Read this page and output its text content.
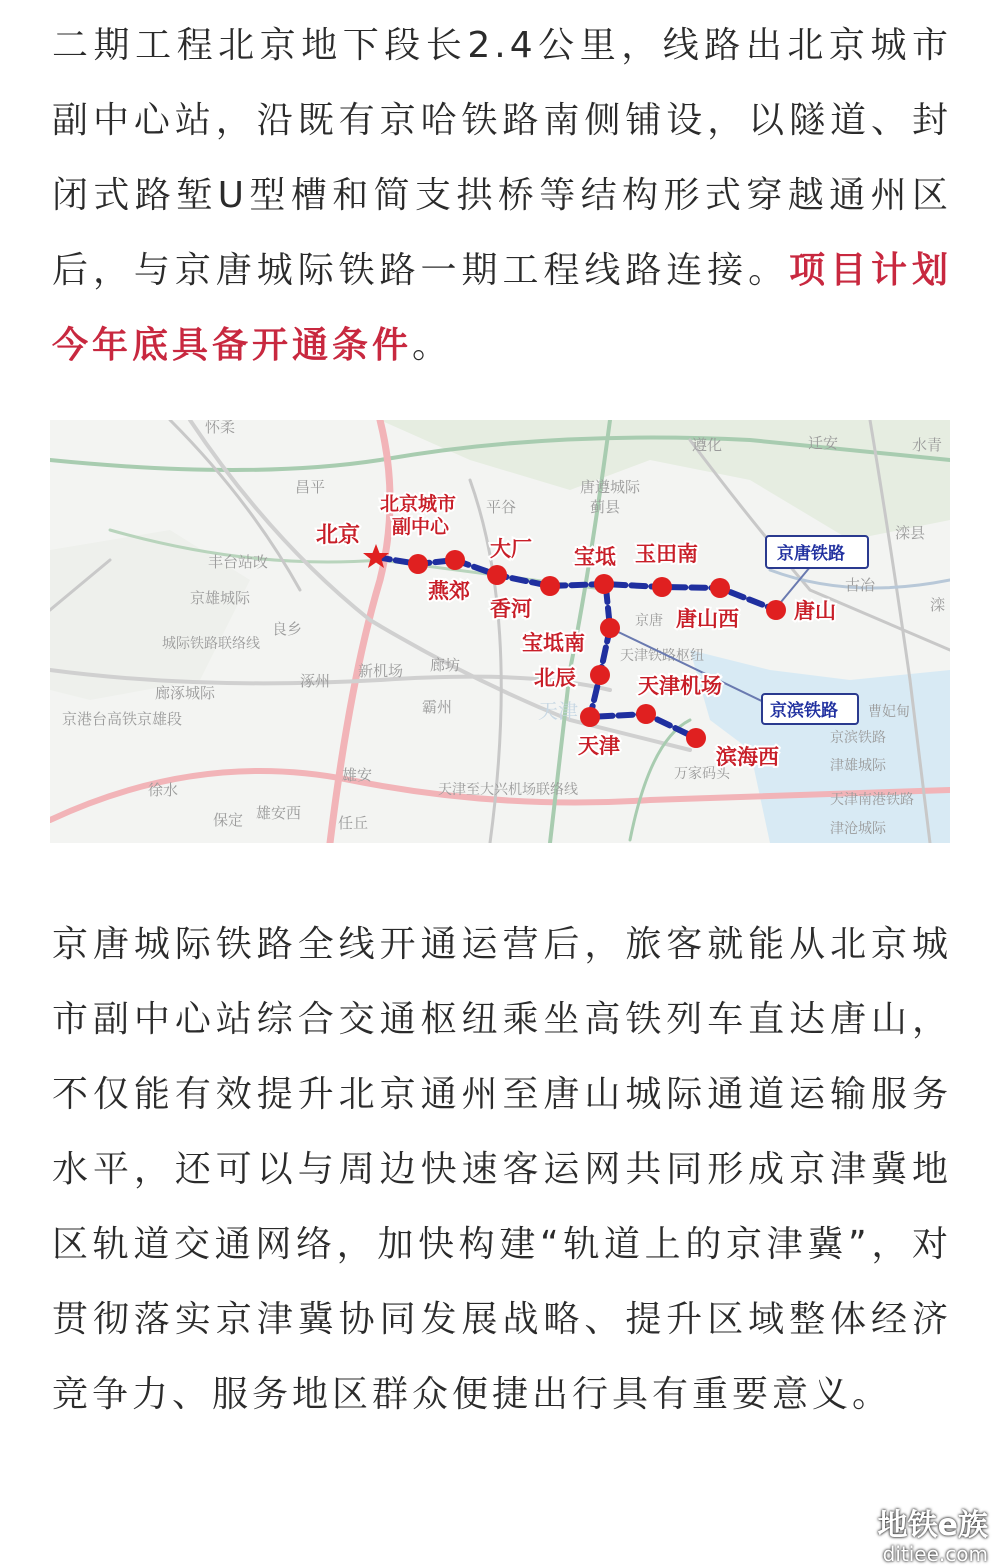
二期工程北京地下段长2.4公里，线路出北京城市副中心站，沿既有京哈铁路南侧铺设，以隧道、封闭式路堑U型槽和简支拱桥等结构形式穿越通州区后，与京唐城际铁路一期工程线路连接。项目计划今年底具备开通条件。

怀柔
昌平
平谷
唐遵城际
蓟县
遵化	迁安	水青
滦县
古冶
滦
丰台站改
京雄城际
城际铁路联络线
廊涿城际
京港台高铁京雄段
良乡
涿州
新机场 廊坊
霸州	天津
天津铁路枢纽
京唐
京滨铁路
津雄城际
天津南港铁路
津沧城际
曹妃甸
万家码头
天津至大兴机场联络线
雄安
雄安西
保定	任丘
徐水
北京城市
副中心
北京
燕郊
大厂
香河
宝坻 玉田南
唐山西	唐山
宝坻南
北辰	天津机场
天津	滨海西
京唐铁路
京滨铁路

京唐城际铁路全线开通运营后，旅客就能从北京城市副中心站综合交通枢纽乘坐高铁列车直达唐山，不仅能有效提升北京通州至唐山城际通道运输服务水平，还可以与周边快速客运网共同形成京津冀地区轨道交通网络，加快构建“轨道上的京津冀”，对贯彻落实京津冀协同发展战略、提升区域整体经济竞争力、服务地区群众便捷出行具有重要意义。

地铁e族
ditiee.com
